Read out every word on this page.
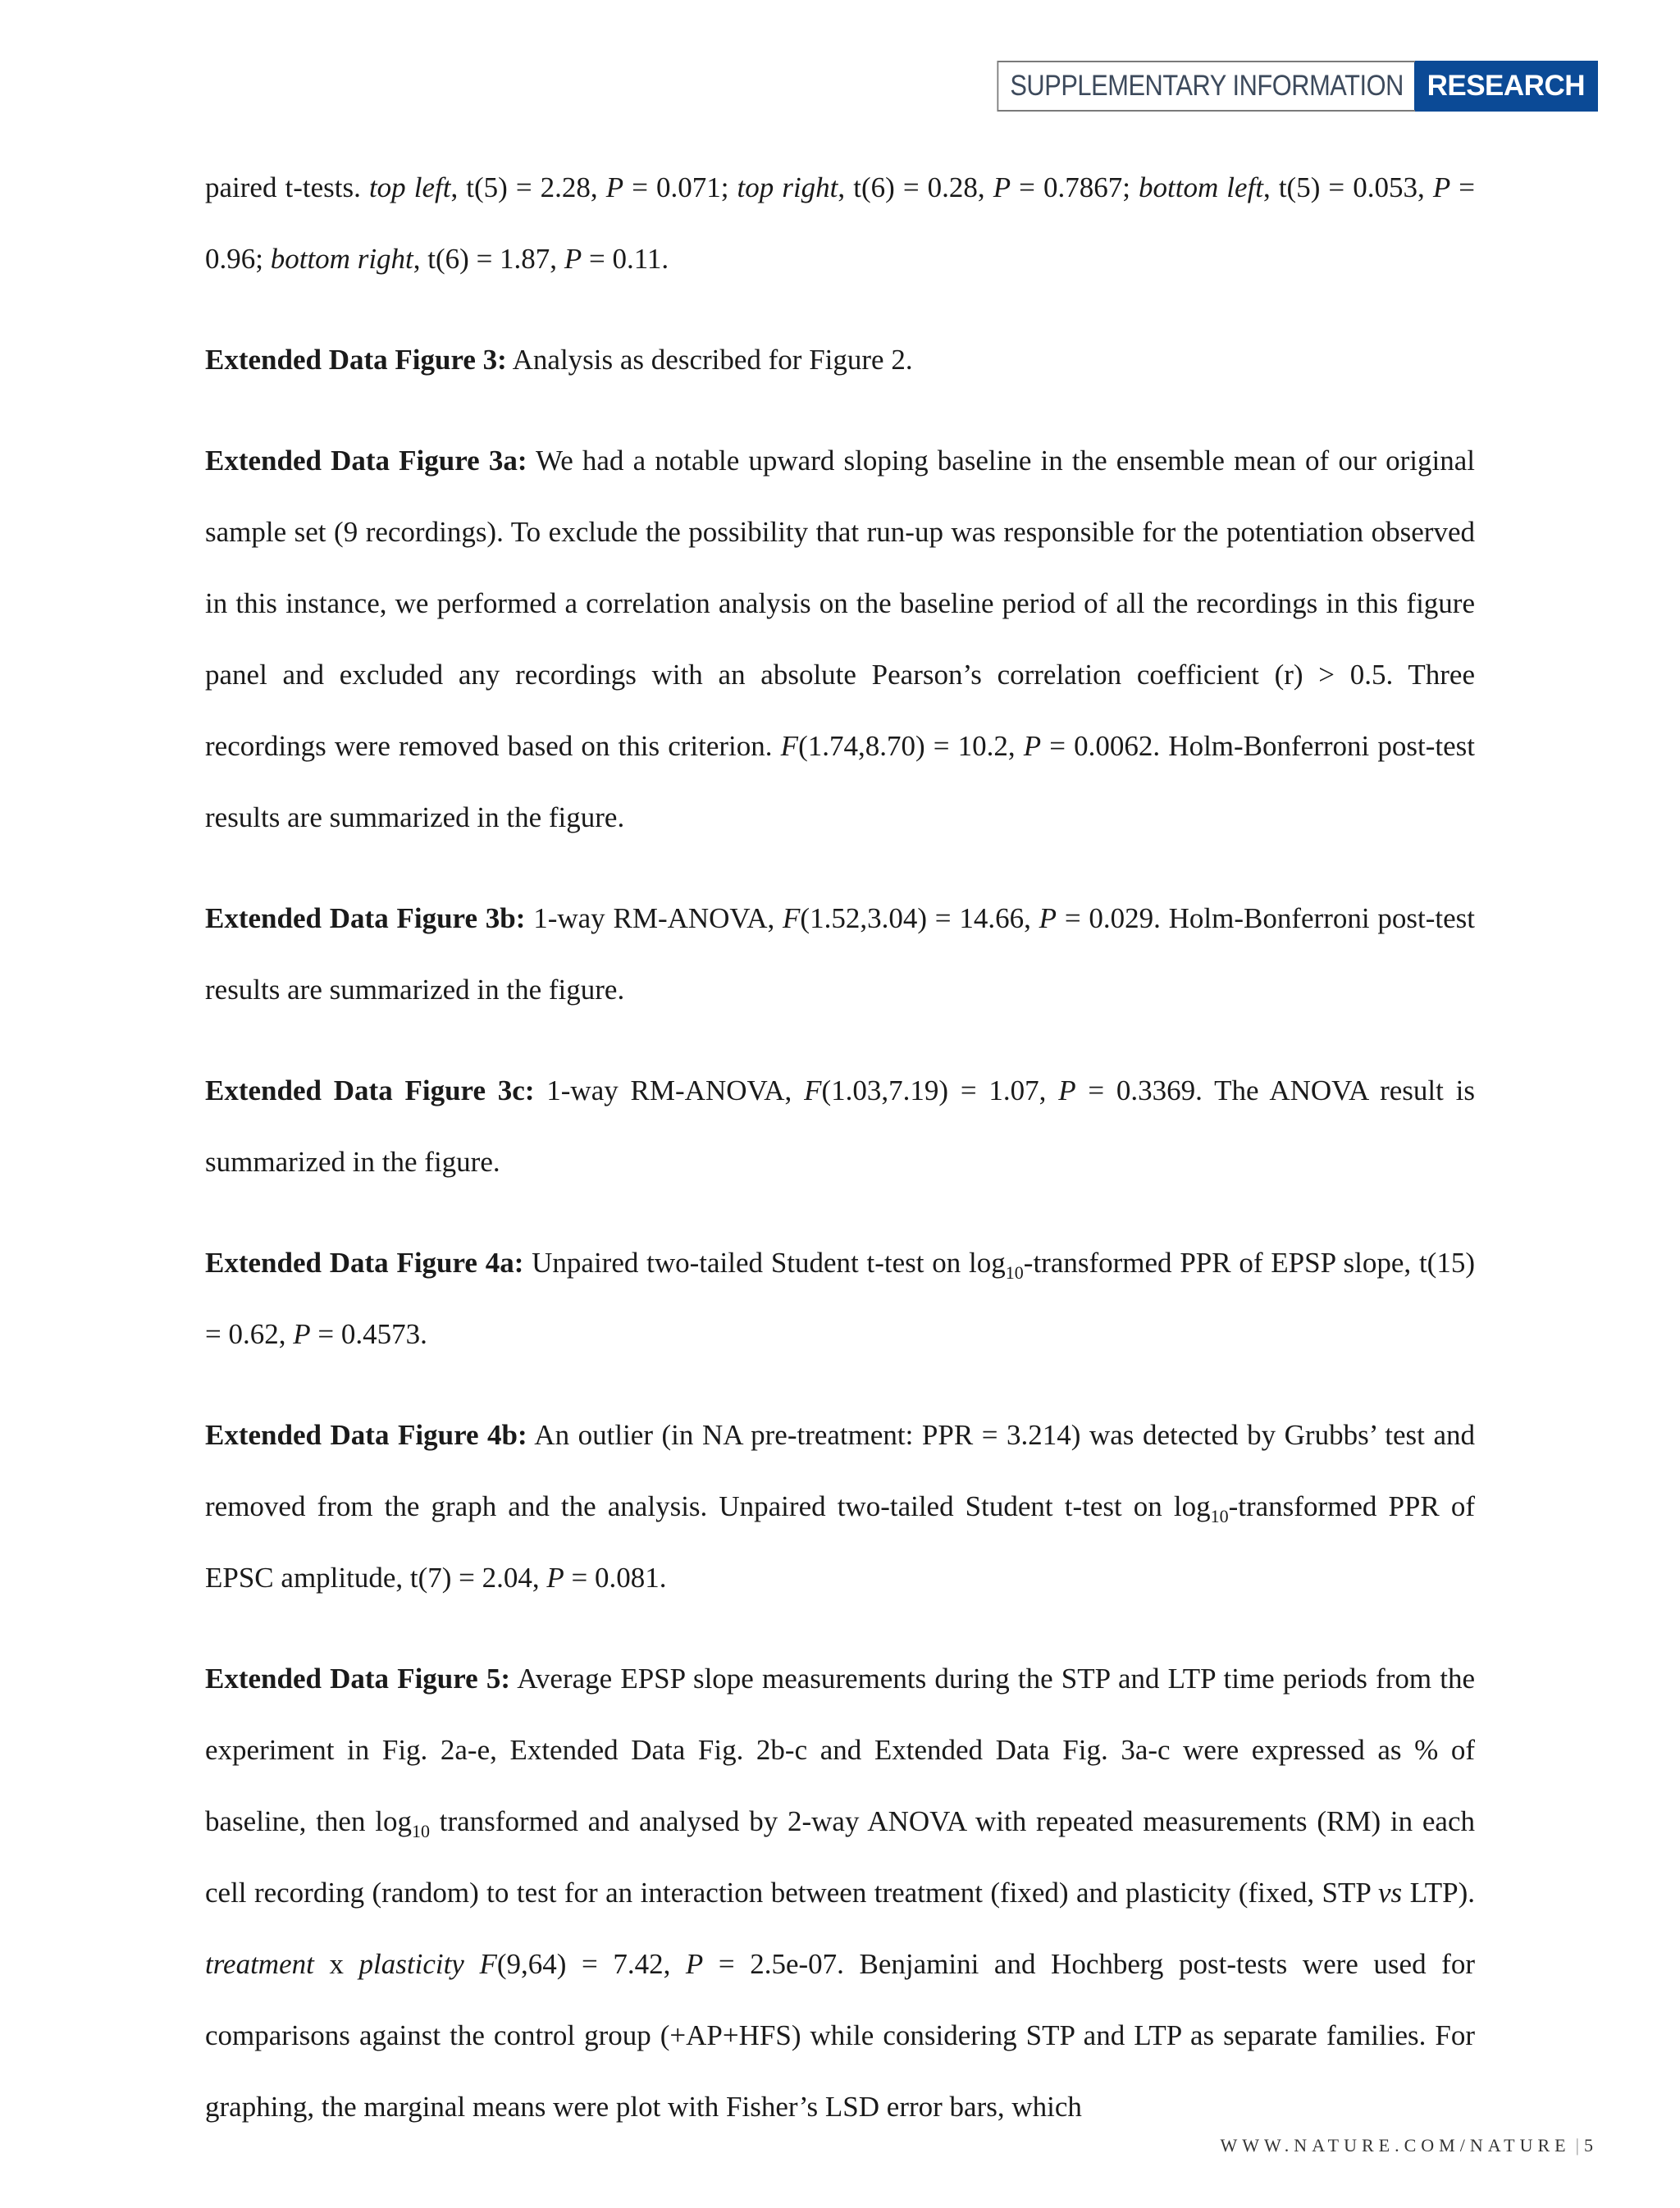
SUPPLEMENTARY INFORMATION RESEARCH

paired t-tests. top left, t(5) = 2.28, P = 0.071; top right, t(6) = 0.28, P = 0.7867; bottom left, t(5) = 0.053, P = 0.96; bottom right, t(6) = 1.87, P = 0.11.

Extended Data Figure 3: Analysis as described for Figure 2.

Extended Data Figure 3a: We had a notable upward sloping baseline in the ensemble mean of our original sample set (9 recordings). To exclude the possibility that run-up was responsible for the potentiation observed in this instance, we performed a correlation analysis on the baseline period of all the recordings in this figure panel and excluded any recordings with an absolute Pearson’s correlation coefficient (r) > 0.5. Three recordings were removed based on this criterion. F(1.74,8.70) = 10.2, P = 0.0062. Holm-Bonferroni post-test results are summarized in the figure.

Extended Data Figure 3b: 1-way RM-ANOVA, F(1.52,3.04) = 14.66, P = 0.029. Holm-Bonferroni post-test results are summarized in the figure.

Extended Data Figure 3c: 1-way RM-ANOVA, F(1.03,7.19) = 1.07, P = 0.3369. The ANOVA result is summarized in the figure.

Extended Data Figure 4a: Unpaired two-tailed Student t-test on $\log_{10}$-transformed PPR of EPSP slope, t(15) = 0.62, P = 0.4573.

Extended Data Figure 4b: An outlier (in NA pre-treatment: PPR = 3.214) was detected by Grubbs’ test and removed from the graph and the analysis. Unpaired two-tailed Student t-test on $\log_{10}$-transformed PPR of EPSC amplitude, t(7) = 2.04, P = 0.081.

Extended Data Figure 5: Average EPSP slope measurements during the STP and LTP time periods from the experiment in Fig. 2a-e, Extended Data Fig. 2b-c and Extended Data Fig. 3a-c were expressed as % of baseline, then $\log_{10}$ transformed and analysed by 2-way ANOVA with repeated measurements (RM) in each cell recording (random) to test for an interaction between treatment (fixed) and plasticity (fixed, STP vs LTP). treatment x plasticity F(9,64) = 7.42, P = 2.5e-07. Benjamini and Hochberg post-tests were used for comparisons against the control group (+AP+HFS) while considering STP and LTP as separate families. For graphing, the marginal means were plot with Fisher’s LSD error bars, which

WWW.NATURE.COM/NATURE | 5
